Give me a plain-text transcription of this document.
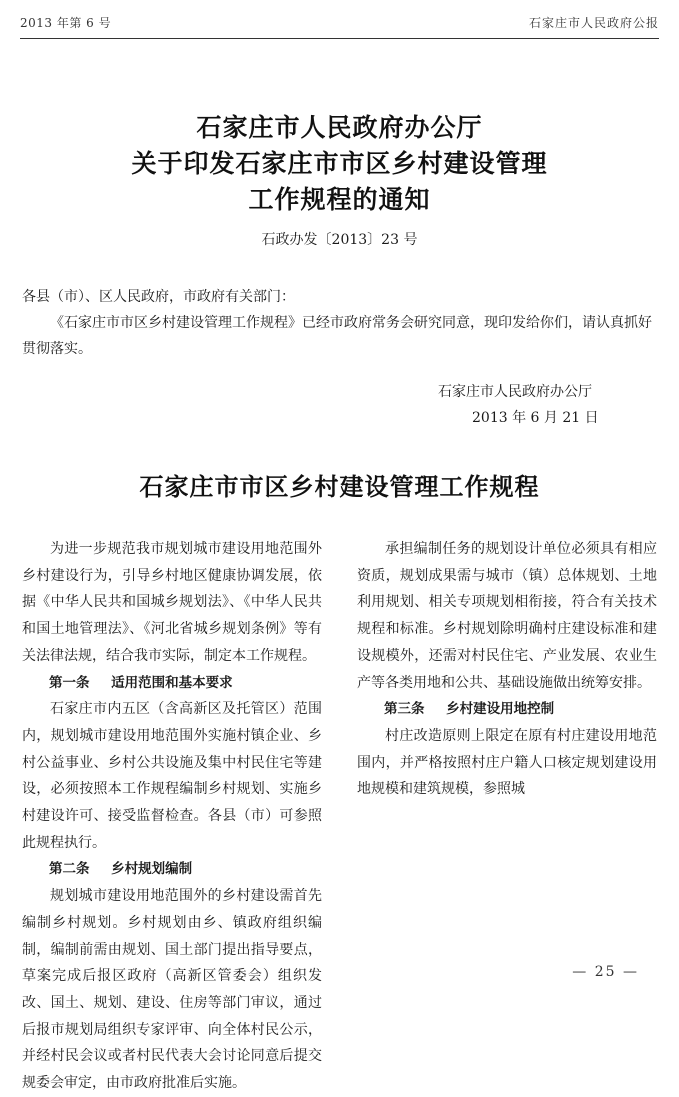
2013 年第 6 号	石家庄市人民政府公报
石家庄市人民政府办公厅
关于印发石家庄市市区乡村建设管理
工作规程的通知
石政办发〔2013〕23 号
各县（市）、区人民政府，市政府有关部门：
《石家庄市市区乡村建设管理工作规程》已经市政府常务会研究同意，现印发给你们，请认真抓好贯彻落实。
石家庄市人民政府办公厅
2013 年 6 月 21 日
石家庄市市区乡村建设管理工作规程

为进一步规范我市规划城市建设用地范围外乡村建设行为，引导乡村地区健康协调发展，依据《中华人民共和国城乡规划法》、《中华人民共和国土地管理法》、《河北省城乡规划条例》等有关法律法规，结合我市实际，制定本工作规程。

第一条 适用范围和基本要求

石家庄市内五区（含高新区及托管区）范围内，规划城市建设用地范围外实施村镇企业、乡村公益事业、乡村公共设施及集中村民住宅等建设，必须按照本工作规程编制乡村规划、实施乡村建设许可、接受监督检查。各县（市）可参照此规程执行。

第二条 乡村规划编制

规划城市建设用地范围外的乡村建设需首先编制乡村规划。乡村规划由乡、镇政府组织编制，编制前需由规划、国土部门提出指导要点，草案完成后报区政府（高新区管委会）组织发改、国土、规划、建设、住房等部门审议，通过后报市规划局组织专家评审、向全体村民公示，并经村民会议或者村民代表大会讨论同意后提交规委会审定，由市政府批准后实施。

承担编制任务的规划设计单位必须具有相应资质，规划成果需与城市（镇）总体规划、土地利用规划、相关专项规划相衔接，符合有关技术规程和标准。乡村规划除明确村庄建设标准和建设规模外，还需对村民住宅、产业发展、农业生产等各类用地和公共、基础设施做出统筹安排。

第三条 乡村建设用地控制

村庄改造原则上限定在原有村庄建设用地范围内，并严格按照村庄户籍人口核定规划建设用地规模和建筑规模，参照城

— 25 —
